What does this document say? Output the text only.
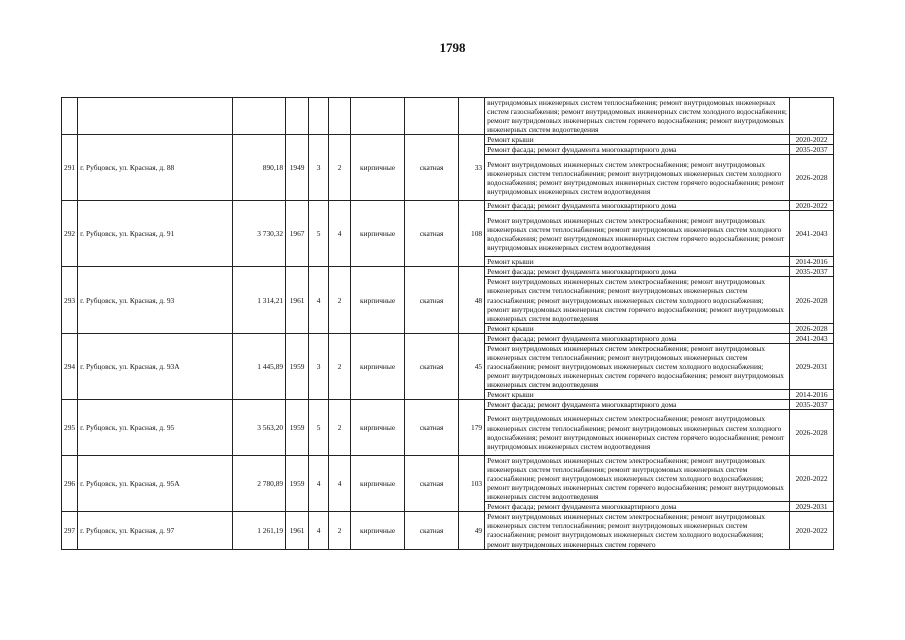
1798
									внутридомовых инженерных систем теплоснабжения; ремонт внутридомовых инженерных систем газоснабжения; ремонт внутридомовых инженерных систем холодного водоснабжения; ремонт внутридомовых инженерных систем горячего водоснабжения; ремонт внутридомовых инженерных систем водоотведения	
291	г. Рубцовск, ул. Красная, д. 88	890,18	1949	3	2	кирпичные	скатная	33	Ремонт крыши	2020-2022
									Ремонт фасада; ремонт фундамента многоквартирного дома	2035-2037
									Ремонт внутридомовых инженерных систем электроснабжения; ремонт внутридомовых инженерных систем теплоснабжения; ремонт внутридомовых инженерных систем холодного водоснабжения; ремонт внутридомовых инженерных систем горячего водоснабжения; ремонт внутридомовых инженерных систем водоотведения	2026-2028
292	г. Рубцовск, ул. Красная, д. 91	3 730,32	1967	5	4	кирпичные	скатная	108	Ремонт фасада; ремонт фундамента многоквартирного дома	2020-2022
									Ремонт внутридомовых инженерных систем электроснабжения; ремонт внутридомовых инженерных систем теплоснабжения; ремонт внутридомовых инженерных систем холодного водоснабжения; ремонт внутридомовых инженерных систем горячего водоснабжения; ремонт внутридомовых инженерных систем водоотведения	2041-2043
									Ремонт крыши	2014-2016
293	г. Рубцовск, ул. Красная, д. 93	1 314,21	1961	4	2	кирпичные	скатная	48	Ремонт фасада; ремонт фундамента многоквартирного дома	2035-2037
									Ремонт внутридомовых инженерных систем электроснабжения; ремонт внутридомовых инженерных систем теплоснабжения; ремонт внутридомовых инженерных систем газоснабжения; ремонт внутридомовых инженерных систем холодного водоснабжения; ремонт внутридомовых инженерных систем горячего водоснабжения; ремонт внутридомовых инженерных систем водоотведения	2026-2028
									Ремонт крыши	2026-2028
294	г. Рубцовск, ул. Красная, д. 93А	1 445,89	1959	3	2	кирпичные	скатная	45	Ремонт фасада; ремонт фундамента многоквартирного дома	2041-2043
									Ремонт внутридомовых инженерных систем электроснабжения; ремонт внутридомовых инженерных систем теплоснабжения; ремонт внутридомовых инженерных систем газоснабжения; ремонт внутридомовых инженерных систем холодного водоснабжения; ремонт внутридомовых инженерных систем горячего водоснабжения; ремонт внутридомовых инженерных систем водоотведения	2029-2031
									Ремонт крыши	2014-2016
295	г. Рубцовск, ул. Красная, д. 95	3 563,20	1959	5	2	кирпичные	скатная	179	Ремонт фасада; ремонт фундамента многоквартирного дома	2035-2037
									Ремонт внутридомовых инженерных систем электроснабжения; ремонт внутридомовых инженерных систем теплоснабжения; ремонт внутридомовых инженерных систем холодного водоснабжения; ремонт внутридомовых инженерных систем горячего водоснабжения; ремонт внутридомовых инженерных систем водоотведения	2026-2028
296	г. Рубцовск, ул. Красная, д. 95А	2 780,89	1959	4	4	кирпичные	скатная	103	Ремонт внутридомовых инженерных систем электроснабжения; ремонт внутридомовых инженерных систем теплоснабжения; ремонт внутридомовых инженерных систем газоснабжения; ремонт внутридомовых инженерных систем холодного водоснабжения; ремонт внутридомовых инженерных систем горячего водоснабжения; ремонт внутридомовых инженерных систем водоотведения	2020-2022
									Ремонт фасада; ремонт фундамента многоквартирного дома	2029-2031
297	г. Рубцовск, ул. Красная, д. 97	1 261,19	1961	4	2	кирпичные	скатная	49	Ремонт внутридомовых инженерных систем электроснабжения; ремонт внутридомовых инженерных систем теплоснабжения; ремонт внутридомовых инженерных систем газоснабжения; ремонт внутридомовых инженерных систем холодного водоснабжения; ремонт внутридомовых инженерных систем горячего	2020-2022
